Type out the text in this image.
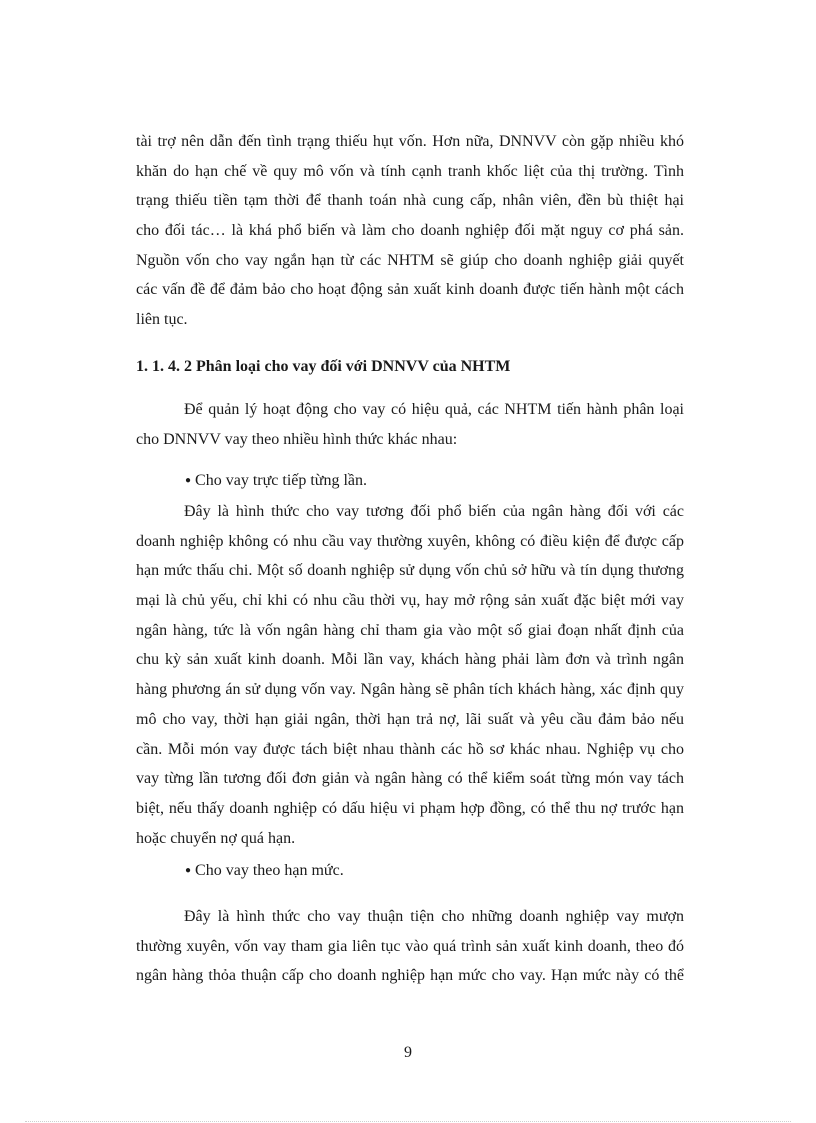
tài trợ nên dẫn đến tình trạng thiếu hụt vốn. Hơn nữa, DNNVV còn gặp nhiều khó
khăn do hạn chế về quy mô vốn và tính cạnh tranh khốc liệt của thị trường. Tình
trạng thiếu tiền tạm thời để thanh toán nhà cung cấp, nhân viên, đền bù thiệt hại
cho đối tác… là khá phổ biến và làm cho doanh nghiệp đối mặt nguy cơ phá sản.
Nguồn vốn cho vay ngắn hạn từ các NHTM sẽ giúp cho doanh nghiệp giải quyết
các vấn đề để đảm bảo cho hoạt động sản xuất kinh doanh được tiến hành một cách
liên tục.
1. 1. 4. 2 Phân loại cho vay đối với DNNVV của NHTM
Để quản lý hoạt động cho vay có hiệu quả, các NHTM tiến hành phân loại
cho DNNVV vay theo nhiều hình thức khác nhau:

● Cho vay trực tiếp từng lần.

Đây là hình thức cho vay tương đối phổ biến của ngân hàng đối với các
doanh nghiệp không có nhu cầu vay thường xuyên, không có điều kiện để được cấp
hạn mức thấu chi. Một số doanh nghiệp sử dụng vốn chủ sở hữu và tín dụng thương
mại là chủ yếu, chỉ khi có nhu cầu thời vụ, hay mở rộng sản xuất đặc biệt mới vay
ngân hàng, tức là vốn ngân hàng chỉ tham gia vào một số giai đoạn nhất định của
chu kỳ sản xuất kinh doanh. Mỗi lần vay, khách hàng phải làm đơn và trình ngân
hàng phương án sử dụng vốn vay. Ngân hàng sẽ phân tích khách hàng, xác định quy
mô cho vay, thời hạn giải ngân, thời hạn trả nợ, lãi suất và yêu cầu đảm bảo nếu
cần. Mỗi món vay được tách biệt nhau thành các hồ sơ khác nhau. Nghiệp vụ cho
vay từng lần tương đối đơn giản và ngân hàng có thể kiểm soát từng món vay tách
biệt, nếu thấy doanh nghiệp có dấu hiệu vi phạm hợp đồng, có thể thu nợ trước hạn
hoặc chuyển nợ quá hạn.

● Cho vay theo hạn mức.

Đây là hình thức cho vay thuận tiện cho những doanh nghiệp vay mượn
thường xuyên, vốn vay tham gia liên tục vào quá trình sản xuất kinh doanh, theo đó
ngân hàng thỏa thuận cấp cho doanh nghiệp hạn mức cho vay. Hạn mức này có thể
9
